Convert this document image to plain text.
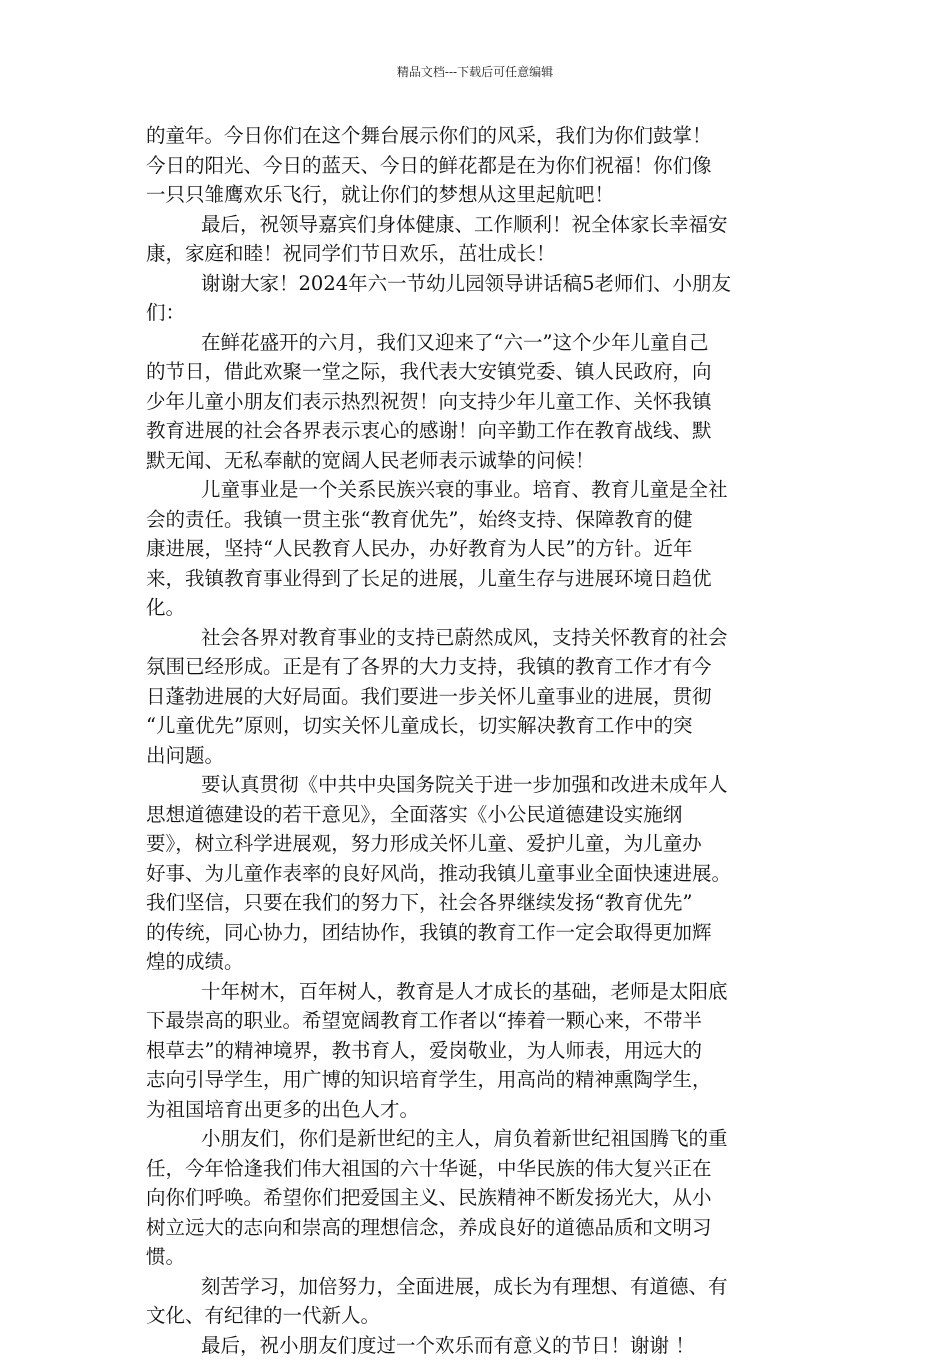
精品文档---下载后可任意编辑
的童年。今日你们在这个舞台展示你们的风采，我们为你们鼓掌！
今日的阳光、今日的蓝天、今日的鲜花都是在为你们祝福！你们像
一只只雏鹰欢乐飞行，就让你们的梦想从这里起航吧！
最后，祝领导嘉宾们身体健康、工作顺利！祝全体家长幸福安
康，家庭和睦！祝同学们节日欢乐，茁壮成长！
谢谢大家！2024年六一节幼儿园领导讲话稿5老师们、小朋友
们：
在鲜花盛开的六月，我们又迎来了“六一”这个少年儿童自己
的节日，借此欢聚一堂之际，我代表大安镇党委、镇人民政府，向
少年儿童小朋友们表示热烈祝贺！向支持少年儿童工作、关怀我镇
教育进展的社会各界表示衷心的感谢！向辛勤工作在教育战线、默
默无闻、无私奉献的宽阔人民老师表示诚挚的问候！
儿童事业是一个关系民族兴衰的事业。培育、教育儿童是全社
会的责任。我镇一贯主张“教育优先”，始终支持、保障教育的健
康进展，坚持“人民教育人民办，办好教育为人民”的方针。近年
来，我镇教育事业得到了长足的进展，儿童生存与进展环境日趋优
化。
社会各界对教育事业的支持已蔚然成风，支持关怀教育的社会
氛围已经形成。正是有了各界的大力支持，我镇的教育工作才有今
日蓬勃进展的大好局面。我们要进一步关怀儿童事业的进展，贯彻
“儿童优先”原则，切实关怀儿童成长，切实解决教育工作中的突
出问题。
要认真贯彻《中共中央国务院关于进一步加强和改进未成年人
思想道德建设的若干意见》，全面落实《小公民道德建设实施纲
要》，树立科学进展观，努力形成关怀儿童、爱护儿童，为儿童办
好事、为儿童作表率的良好风尚，推动我镇儿童事业全面快速进展。
我们坚信，只要在我们的努力下，社会各界继续发扬“教育优先”
的传统，同心协力，团结协作，我镇的教育工作一定会取得更加辉
煌的成绩。
十年树木，百年树人，教育是人才成长的基础，老师是太阳底
下最崇高的职业。希望宽阔教育工作者以“捧着一颗心来，不带半
根草去”的精神境界，教书育人，爱岗敬业，为人师表，用远大的
志向引导学生，用广博的知识培育学生，用高尚的精神熏陶学生，
为祖国培育出更多的出色人才。
小朋友们，你们是新世纪的主人，肩负着新世纪祖国腾飞的重
任，今年恰逢我们伟大祖国的六十华诞，中华民族的伟大复兴正在
向你们呼唤。希望你们把爱国主义、民族精神不断发扬光大，从小
树立远大的志向和崇高的理想信念，养成良好的道德品质和文明习
惯。
刻苦学习，加倍努力，全面进展，成长为有理想、有道德、有
文化、有纪律的一代新人。
最后，祝小朋友们度过一个欢乐而有意义的节日！谢谢 ！
